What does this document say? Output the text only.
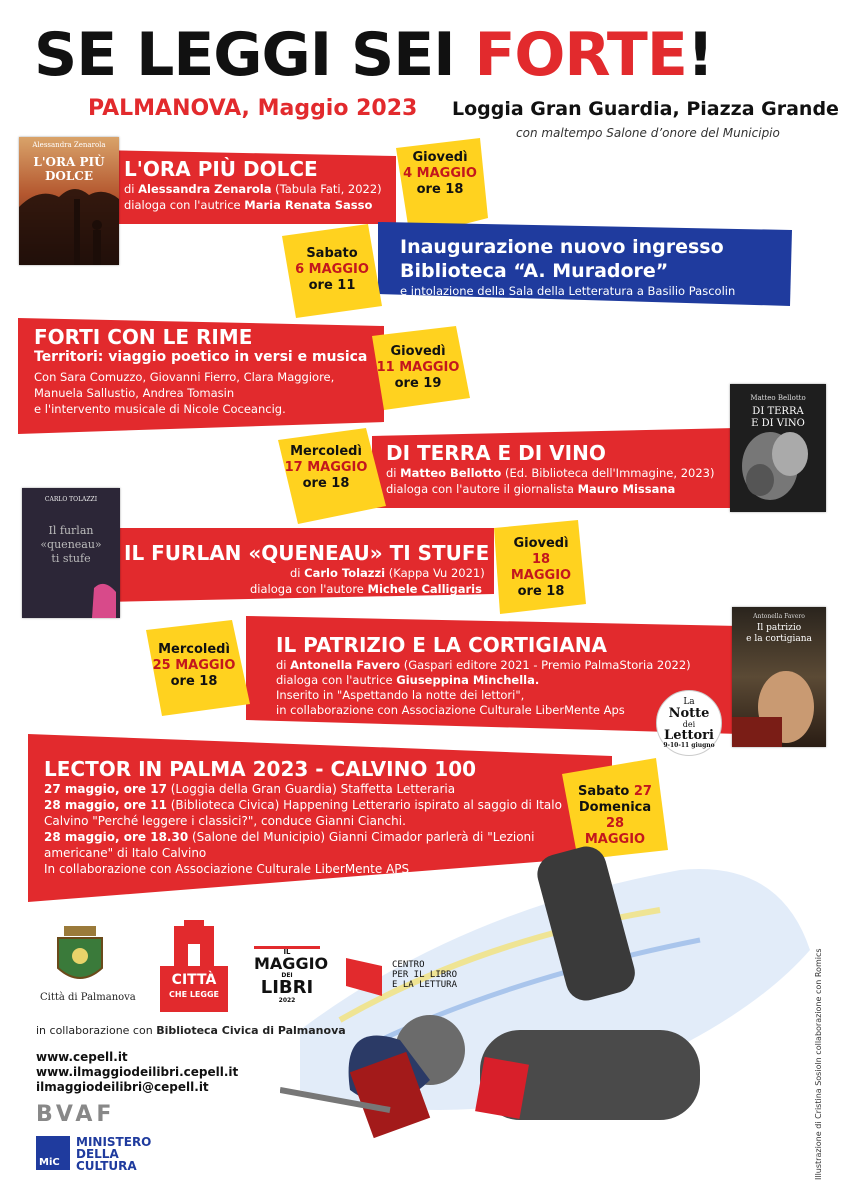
SE LEGGI SEI FORTE!
PALMANOVA, Maggio 2023 Loggia Gran Guardia, Piazza Grande
con maltempo Salone d’onore del Municipio
L'ORA PIÙ DOLCE
di Alessandra Zenarola (Tabula Fati, 2022)
dialoga con l'autrice Maria Renata Sasso
Giovedì
4 MAGGIO
ore 18
Alessandra Zenarola
L'ORA PIÙ
DOLCE
Inaugurazione nuovo ingresso
Biblioteca “A. Muradore”
e intolazione della Sala della Letteratura a Basilio Pascolin
Sabato
6 MAGGIO
ore 11
FORTI CON LE RIME
Territori: viaggio poetico in versi e musica
Con Sara Comuzzo, Giovanni Fierro, Clara Maggiore,
Manuela Sallustio, Andrea Tomasin
e l'intervento musicale di Nicole Coceancig.
Giovedì
11 MAGGIO
ore 19
DI TERRA E DI VINO
di Matteo Bellotto (Ed. Biblioteca dell'Immagine, 2023)
dialoga con l'autore il giornalista Mauro Missana
Mercoledì
17 MAGGIO
ore 18
Matteo Bellotto
DI TERRA
E DI VINO
IL FURLAN «QUENEAU» TI STUFE
di Carlo Tolazzi (Kappa Vu 2021)
dialoga con l'autore Michele Calligaris
Giovedì
18 MAGGIO
ore 18
CARLO TOLAZZI
Il furlan
«queneau»
ti stufe
IL PATRIZIO E LA CORTIGIANA
di Antonella Favero (Gaspari editore 2021 - Premio PalmaStoria 2022)
dialoga con l'autrice Giuseppina Minchella.
Inserito in "Aspettando la notte dei lettori",
in collaborazione con Associazione Culturale LiberMente Aps
Mercoledì
25 MAGGIO
ore 18
Antonella Favero
Il patrizio
e la cortigiana
La
Notte
dei
Lettori
9-10-11 giugno
LECTOR IN PALMA 2023 - CALVINO 100
27 maggio, ore 17 (Loggia della Gran Guardia) Staffetta Letteraria
28 maggio, ore 11 (Biblioteca Civica) Happening Letterario ispirato al saggio di Italo
Calvino "Perché leggere i classici?", conduce Gianni Cianchi.
28 maggio, ore 18.30 (Salone del Municipio) Gianni Cimador parlerà di "Lezioni
americane" di Italo Calvino
In collaborazione con Associazione Culturale LiberMente APS
Sabato 27
Domenica 28
MAGGIO
Città di Palmanova
CITTÀ
CHE LEGGE
IL
MAGGIO
DEI
LIBRI
2022
CENTRO
PER IL LIBRO
E LA LETTURA
in collaborazione con Biblioteca Civica di Palmanova
www.cepell.it
www.ilmaggiodeilibri.cepell.it
ilmaggiodeilibri@cepell.it
BVAF
MiC
MINISTERO
DELLA
CULTURA	Illustrazione di Cristina Sosioln collaborazione con Romics
